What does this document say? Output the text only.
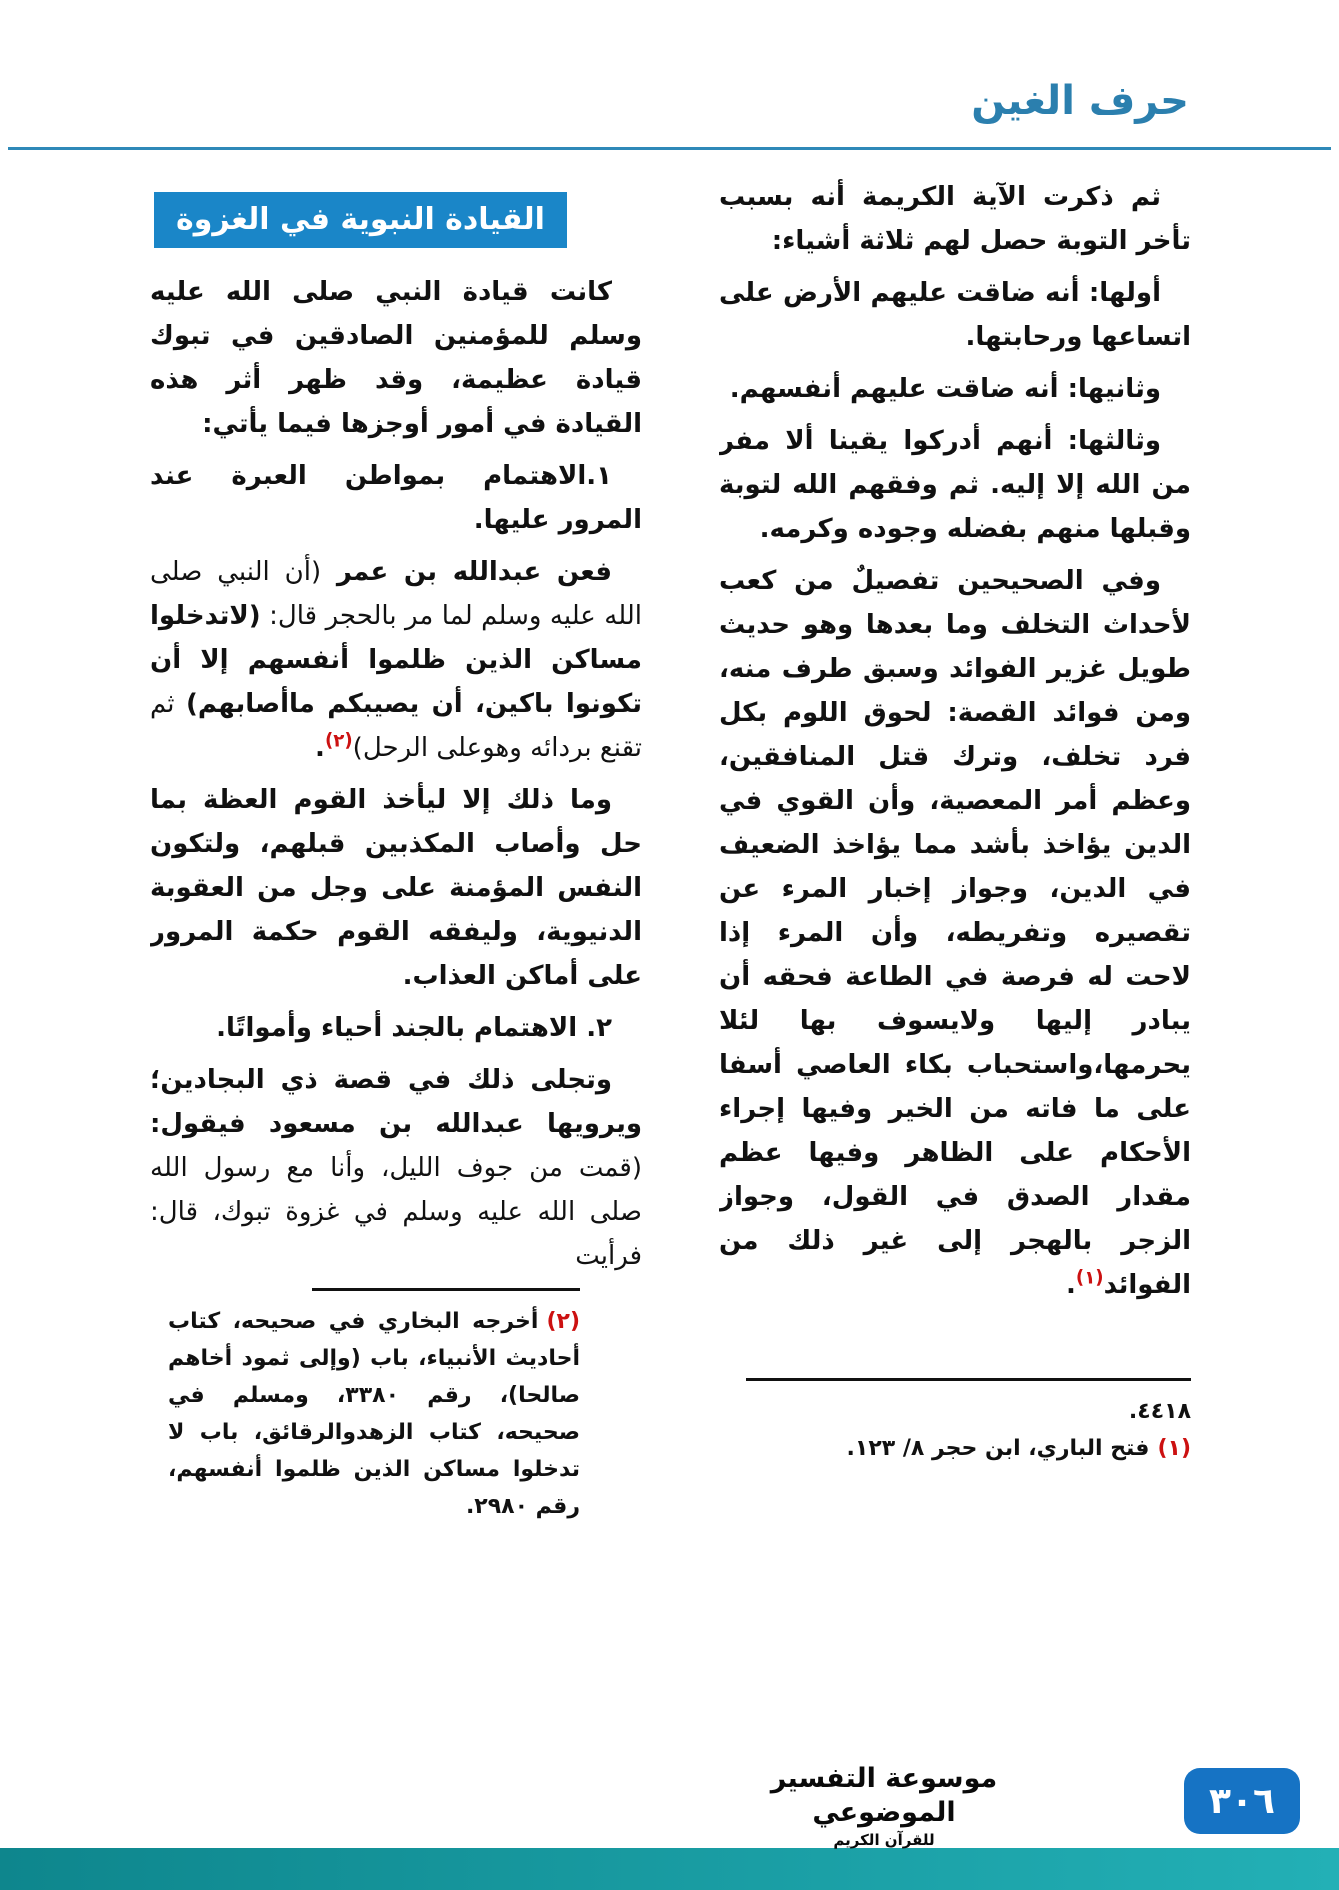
حرف الغين

ثم ذكرت الآية الكريمة أنه بسبب تأخر التوبة حصل لهم ثلاثة أشياء:

أولها: أنه ضاقت عليهم الأرض على اتساعها ورحابتها.

وثانيها: أنه ضاقت عليهم أنفسهم.

وثالثها: أنهم أدركوا يقينا ألا مفر من الله إلا إليه. ثم وفقهم الله لتوبة وقبلها منهم بفضله وجوده وكرمه.

وفي الصحيحين تفصيلٌ من كعب لأحداث التخلف وما بعدها وهو حديث طويل غزير الفوائد وسبق طرف منه، ومن فوائد القصة: لحوق اللوم بكل فرد تخلف، وترك قتل المنافقين، وعظم أمر المعصية، وأن القوي في الدين يؤاخذ بأشد مما يؤاخذ الضعيف في الدين، وجواز إخبار المرء عن تقصيره وتفريطه، وأن المرء إذا لاحت له فرصة في الطاعة فحقه أن يبادر إليها ولايسوف بها لئلا يحرمها،واستحباب بكاء العاصي أسفا على ما فاته من الخير وفيها إجراء الأحكام على الظاهر وفيها عظم مقدار الصدق في القول، وجواز الزجر بالهجر إلى غير ذلك من الفوائد$^{(١)}$.

القيادة النبوية في الغزوة

كانت قيادة النبي صلى الله عليه وسلم للمؤمنين الصادقين في تبوك قيادة عظيمة، وقد ظهر أثر هذه القيادة في أمور أوجزها فيما يأتي:

١.الاهتمام بمواطن العبرة عند المرور عليها.

فعن عبدالله بن عمر (أن النبي صلى الله عليه وسلم لما مر بالحجر قال: (لاتدخلوا مساكن الذين ظلموا أنفسهم إلا أن تكونوا باكين، أن يصيبكم ماأصابهم) ثم تقنع بردائه وهوعلى الرحل)$^{(٢)}$.

وما ذلك إلا ليأخذ القوم العظة بما حل وأصاب المكذبين قبلهم، ولتكون النفس المؤمنة على وجل من العقوبة الدنيوية، وليفقه القوم حكمة المرور على أماكن العذاب.

٢. الاهتمام بالجند أحياء وأمواتًا.

وتجلى ذلك في قصة ذي البجادين؛ ويرويها عبدالله بن مسعود فيقول: (قمت من جوف الليل، وأنا مع رسول الله صلى الله عليه وسلم في غزوة تبوك، قال: فرأيت

(٢)أخرجه البخاري في صحيحه، كتاب أحاديث الأنبياء، باب (وإلى ثمود أخاهم صالحا)، رقم ٣٣٨٠، ومسلم في صحيحه، كتاب الزهدوالرقائق، باب لا تدخلوا مساكن الذين ظلموا أنفسهم، رقم ٢٩٨٠.

٤٤١٨.

(١)فتح الباري، ابن حجر ٨/ ١٢٣.

موسوعة التفسير الموضوعي
للقرآن الكريم
٣٠٦
